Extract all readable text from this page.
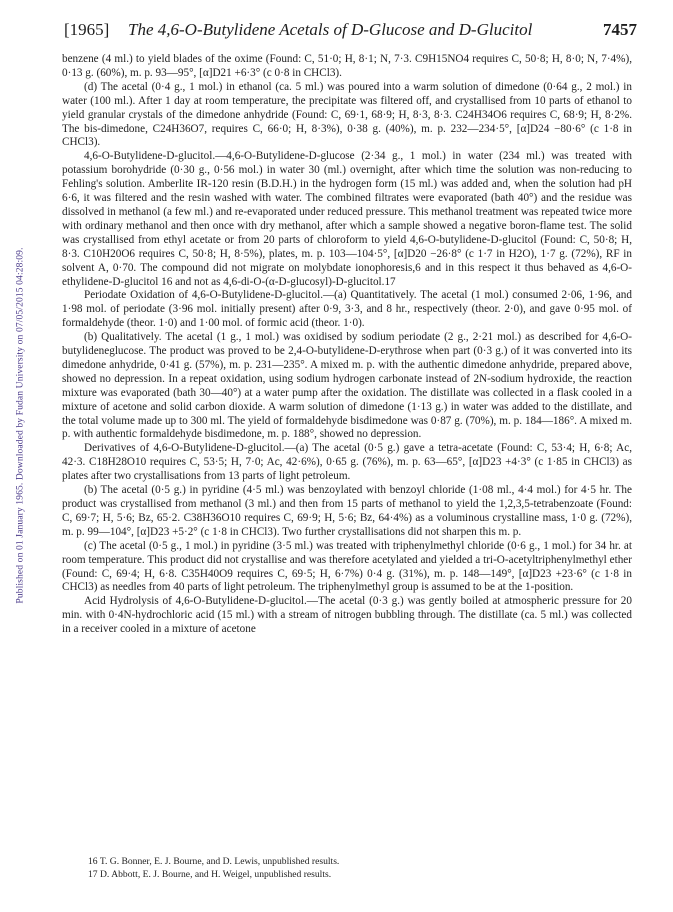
Published on 01 January 1965. Downloaded by Fudan University on 07/05/2015 04:28:09.
[1965] The 4,6-O-Butylidene Acetals of D-Glucose and D-Glucitol	7457

benzene (4 ml.) to yield blades of the oxime (Found: C, 51·0; H, 8·1; N, 7·3. C9H15NO4 requires C, 50·8; H, 8·0; N, 7·4%), 0·13 g. (60%), m. p. 93—95°, [α]D21 +6·3° (c 0·8 in CHCl3).

(d) The acetal (0·4 g., 1 mol.) in ethanol (ca. 5 ml.) was poured into a warm solution of dimedone (0·64 g., 2 mol.) in water (100 ml.). After 1 day at room temperature, the precipitate was filtered off, and crystallised from 10 parts of ethanol to yield granular crystals of the dimedone anhydride (Found: C, 69·1, 68·9; H, 8·3, 8·3. C24H34O6 requires C, 68·9; H, 8·2%. The bis-dimedone, C24H36O7, requires C, 66·0; H, 8·3%), 0·38 g. (40%), m. p. 232—234·5°, [α]D24 −80·6° (c 1·8 in CHCl3).

4,6-O-Butylidene-D-glucitol.—4,6-O-Butylidene-D-glucose (2·34 g., 1 mol.) in water (234 ml.) was treated with potassium borohydride (0·30 g., 0·56 mol.) in water 30 (ml.) overnight, after which time the solution was non-reducing to Fehling's solution. Amberlite IR-120 resin (B.D.H.) in the hydrogen form (15 ml.) was added and, when the solution had pH 6·6, it was filtered and the resin washed with water. The combined filtrates were evaporated (bath 40°) and the residue was dissolved in methanol (a few ml.) and re-evaporated under reduced pressure. This methanol treatment was repeated twice more with ordinary methanol and then once with dry methanol, after which a sample showed a negative boron-flame test. The solid was crystallised from ethyl acetate or from 20 parts of chloroform to yield 4,6-O-butylidene-D-glucitol (Found: C, 50·8; H, 8·3. C10H20O6 requires C, 50·8; H, 8·5%), plates, m. p. 103—104·5°, [α]D20 −26·8° (c 1·7 in H2O), 1·7 g. (72%), RF in solvent A, 0·70. The compound did not migrate on molybdate ionophoresis,6 and in this respect it thus behaved as 4,6-O-ethylidene-D-glucitol 16 and not as 4,6-di-O-(α-D-glucosyl)-D-glucitol.17

Periodate Oxidation of 4,6-O-Butylidene-D-glucitol.—(a) Quantitatively. The acetal (1 mol.) consumed 2·06, 1·96, and 1·98 mol. of periodate (3·96 mol. initially present) after 0·9, 3·3, and 8 hr., respectively (theor. 2·0), and gave 0·95 mol. of formaldehyde (theor. 1·0) and 1·00 mol. of formic acid (theor. 1·0).

(b) Qualitatively. The acetal (1 g., 1 mol.) was oxidised by sodium periodate (2 g., 2·21 mol.) as described for 4,6-O-butylideneglucose. The product was proved to be 2,4-O-butylidene-D-erythrose when part (0·3 g.) of it was converted into its dimedone anhydride, 0·41 g. (57%), m. p. 231—235°. A mixed m. p. with the authentic dimedone anhydride, prepared above, showed no depression. In a repeat oxidation, using sodium hydrogen carbonate instead of 2N-sodium hydroxide, the reaction mixture was evaporated (bath 30—40°) at a water pump after the oxidation. The distillate was collected in a flask cooled in a mixture of acetone and solid carbon dioxide. A warm solution of dimedone (1·13 g.) in water was added to the distillate, and the total volume made up to 300 ml. The yield of formaldehyde bisdimedone was 0·87 g. (70%), m. p. 184—186°. A mixed m. p. with authentic formaldehyde bisdimedone, m. p. 188°, showed no depression.

Derivatives of 4,6-O-Butylidene-D-glucitol.—(a) The acetal (0·5 g.) gave a tetra-acetate (Found: C, 53·4; H, 6·8; Ac, 42·3. C18H28O10 requires C, 53·5; H, 7·0; Ac, 42·6%), 0·65 g. (76%), m. p. 63—65°, [α]D23 +4·3° (c 1·85 in CHCl3) as plates after two crystallisations from 13 parts of light petroleum.

(b) The acetal (0·5 g.) in pyridine (4·5 ml.) was benzoylated with benzoyl chloride (1·08 ml., 4·4 mol.) for 4·5 hr. The product was crystallised from methanol (3 ml.) and then from 15 parts of methanol to yield the 1,2,3,5-tetrabenzoate (Found: C, 69·7; H, 5·6; Bz, 65·2. C38H36O10 requires C, 69·9; H, 5·6; Bz, 64·4%) as a voluminous crystalline mass, 1·0 g. (72%), m. p. 99—104°, [α]D23 +5·2° (c 1·8 in CHCl3). Two further crystallisations did not sharpen this m. p.

(c) The acetal (0·5 g., 1 mol.) in pyridine (3·5 ml.) was treated with triphenylmethyl chloride (0·6 g., 1 mol.) for 34 hr. at room temperature. This product did not crystallise and was therefore acetylated and yielded a tri-O-acetyltriphenylmethyl ether (Found: C, 69·4; H, 6·8. C35H40O9 requires C, 69·5; H, 6·7%) 0·4 g. (31%), m. p. 148—149°, [α]D23 +23·6° (c 1·8 in CHCl3) as needles from 40 parts of light petroleum. The triphenylmethyl group is assumed to be at the 1-position.

Acid Hydrolysis of 4,6-O-Butylidene-D-glucitol.—The acetal (0·3 g.) was gently boiled at atmospheric pressure for 20 min. with 0·4N-hydrochloric acid (15 ml.) with a stream of nitrogen bubbling through. The distillate (ca. 5 ml.) was collected in a receiver cooled in a mixture of acetone

16 T. G. Bonner, E. J. Bourne, and D. Lewis, unpublished results.
17 D. Abbott, E. J. Bourne, and H. Weigel, unpublished results.
